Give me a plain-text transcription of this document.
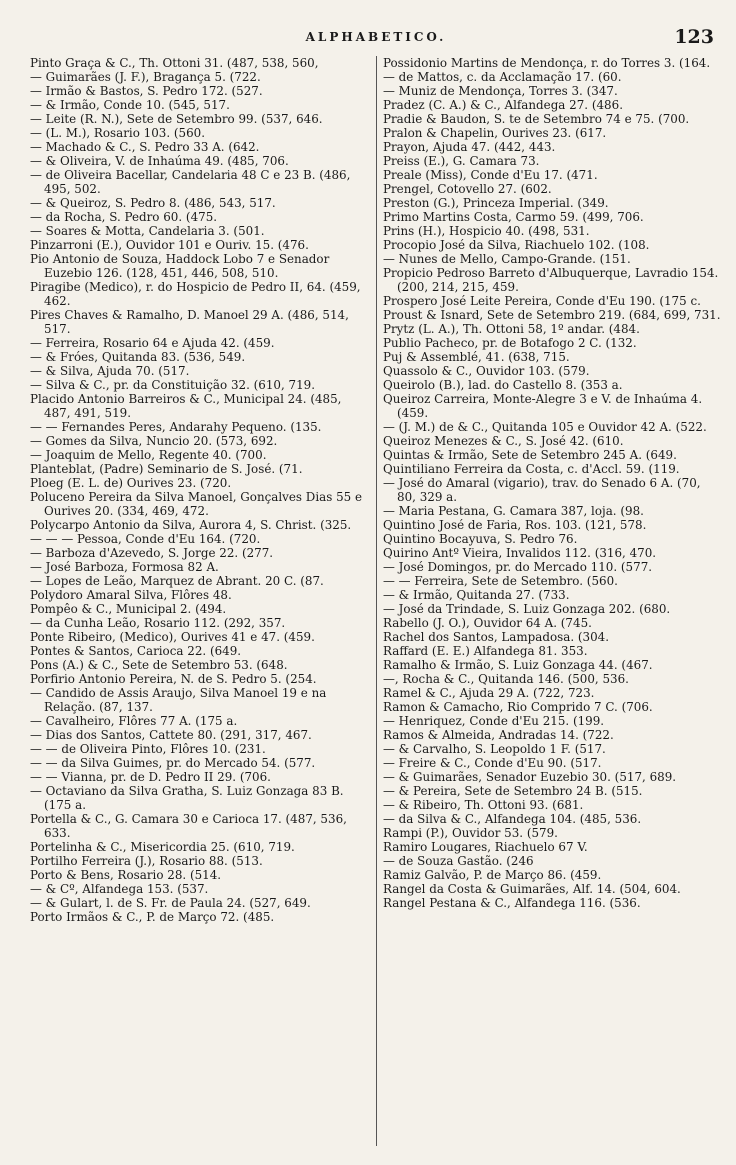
ALPHABETICO.	123
Pinto Graça & C., Th. Ottoni 31. (487, 538, 560,
— Guimarães (J. F.), Bragança 5. (722.
— Irmão & Bastos, S. Pedro 172. (527.
— & Irmão, Conde 10. (545, 517.
— Leite (R. N.), Sete de Setembro 99. (537, 646.
— (L. M.), Rosario 103. (560.
— Machado & C., S. Pedro 33 A. (642.
— & Oliveira, V. de Inhaúma 49. (485, 706.
— de Oliveira Bacellar, Candelaria 48 C e 23 B. (486, 495, 502.
— & Queiroz, S. Pedro 8. (486, 543, 517.
— da Rocha, S. Pedro 60. (475.
— Soares & Motta, Candelaria 3. (501.
Pinzarroni (E.), Ouvidor 101 e Ouriv. 15. (476.
Pio Antonio de Souza, Haddock Lobo 7 e Senador Euzebio 126. (128, 451, 446, 508, 510.
Piragibe (Medico), r. do Hospicio de Pedro II, 64. (459, 462.
Pires Chaves & Ramalho, D. Manoel 29 A. (486, 514, 517.
— Ferreira, Rosario 64 e Ajuda 42. (459.
— & Fróes, Quitanda 83. (536, 549.
— & Silva, Ajuda 70. (517.
— Silva & C., pr. da Constituição 32. (610, 719.
Placido Antonio Barreiros & C., Municipal 24. (485, 487, 491, 519.
— — Fernandes Peres, Andarahy Pequeno. (135.
— Gomes da Silva, Nuncio 20. (573, 692.
— Joaquim de Mello, Regente 40. (700.
Planteblat, (Padre) Seminario de S. José. (71.
Ploeg (E. L. de) Ourives 23. (720.
Poluceno Pereira da Silva Manoel, Gonçalves Dias 55 e Ourives 20. (334, 469, 472.
Polycarpo Antonio da Silva, Aurora 4, S. Christ. (325.
— — — Pessoa, Conde d'Eu 164. (720.
— Barboza d'Azevedo, S. Jorge 22. (277.
— José Barboza, Formosa 82 A.
— Lopes de Leão, Marquez de Abrant. 20 C. (87.
Polydoro Amaral Silva, Flôres 48.
Pompêo & C., Municipal 2. (494.
— da Cunha Leão, Rosario 112. (292, 357.
Ponte Ribeiro, (Medico), Ourives 41 e 47. (459.
Pontes & Santos, Carioca 22. (649.
Pons (A.) & C., Sete de Setembro 53. (648.
Porfirio Antonio Pereira, N. de S. Pedro 5. (254.
— Candido de Assis Araujo, Silva Manoel 19 e na Relação. (87, 137.
— Cavalheiro, Flôres 77 A. (175 a.
— Dias dos Santos, Cattete 80. (291, 317, 467.
— — de Oliveira Pinto, Flôres 10. (231.
— — da Silva Guimes, pr. do Mercado 54. (577.
— — Vianna, pr. de D. Pedro II 29. (706.
— Octaviano da Silva Gratha, S. Luiz Gonzaga 83 B. (175 a.
Portella & C., G. Camara 30 e Carioca 17. (487, 536, 633.
Portelinha & C., Misericordia 25. (610, 719.
Portilho Ferreira (J.), Rosario 88. (513.
Porto & Bens, Rosario 28. (514.
— & Cº, Alfandega 153. (537.
— & Gulart, l. de S. Fr. de Paula 24. (527, 649.
Porto Irmãos & C., P. de Março 72. (485.
Possidonio Martins de Mendonça, r. do Torres 3. (164.
— de Mattos, c. da Acclamação 17. (60.
— Muniz de Mendonça, Torres 3. (347.
Pradez (C. A.) & C., Alfandega 27. (486.
Pradie & Baudon, S. te de Setembro 74 e 75. (700.
Pralon & Chapelin, Ourives 23. (617.
Prayon, Ajuda 47. (442, 443.
Preiss (E.), G. Camara 73.
Preale (Miss), Conde d'Eu 17. (471.
Prengel, Cotovello 27. (602.
Preston (G.), Princeza Imperial. (349.
Primo Martins Costa, Carmo 59. (499, 706.
Prins (H.), Hospicio 40. (498, 531.
Procopio José da Silva, Riachuelo 102. (108.
— Nunes de Mello, Campo-Grande. (151.
Propicio Pedroso Barreto d'Albuquerque, Lavradio 154. (200, 214, 215, 459.
Prospero José Leite Pereira, Conde d'Eu 190. (175 c.
Proust & Isnard, Sete de Setembro 219. (684, 699, 731.
Prytz (L. A.), Th. Ottoni 58, 1º andar. (484.
Publio Pacheco, pr. de Botafogo 2 C. (132.
Puj & Assemblé, 41. (638, 715.
Quassolo & C., Ouvidor 103. (579.
Queirolo (B.), lad. do Castello 8. (353 a.
Queiroz Carreira, Monte-Alegre 3 e V. de Inhaúma 4. (459.
— (J. M.) de & C., Quitanda 105 e Ouvidor 42 A. (522.
Queiroz Menezes & C., S. José 42. (610.
Quintas & Irmão, Sete de Setembro 245 A. (649.
Quintiliano Ferreira da Costa, c. d'Accl. 59. (119.
— José do Amaral (vigario), trav. do Senado 6 A. (70, 80, 329 a.
— Maria Pestana, G. Camara 387, loja. (98.
Quintino José de Faria, Ros. 103. (121, 578.
Quintino Bocayuva, S. Pedro 76.
Quirino Antº Vieira, Invalidos 112. (316, 470.
— José Domingos, pr. do Mercado 110. (577.
— — Ferreira, Sete de Setembro. (560.
— & Irmão, Quitanda 27. (733.
— José da Trindade, S. Luiz Gonzaga 202. (680.
Rabello (J. O.), Ouvidor 64 A. (745.
Rachel dos Santos, Lampadosa. (304.
Raffard (E. E.) Alfandega 81. 353.
Ramalho & Irmão, S. Luiz Gonzaga 44. (467.
—, Rocha & C., Quitanda 146. (500, 536.
Ramel & C., Ajuda 29 A. (722, 723.
Ramon & Camacho, Rio Comprido 7 C. (706.
— Henriquez, Conde d'Eu 215. (199.
Ramos & Almeida, Andradas 14. (722.
— & Carvalho, S. Leopoldo 1 F. (517.
— Freire & C., Conde d'Eu 90. (517.
— & Guimarães, Senador Euzebio 30. (517, 689.
— & Pereira, Sete de Setembro 24 B. (515.
— & Ribeiro, Th. Ottoni 93. (681.
— da Silva & C., Alfandega 104. (485, 536.
Rampi (P.), Ouvidor 53. (579.
Ramiro Lougares, Riachuelo 67 V.
— de Souza Gastão. (246
Ramiz Galvão, P. de Março 86. (459.
Rangel da Costa & Guimarães, Alf. 14. (504, 604.
Rangel Pestana & C., Alfandega 116. (536.
